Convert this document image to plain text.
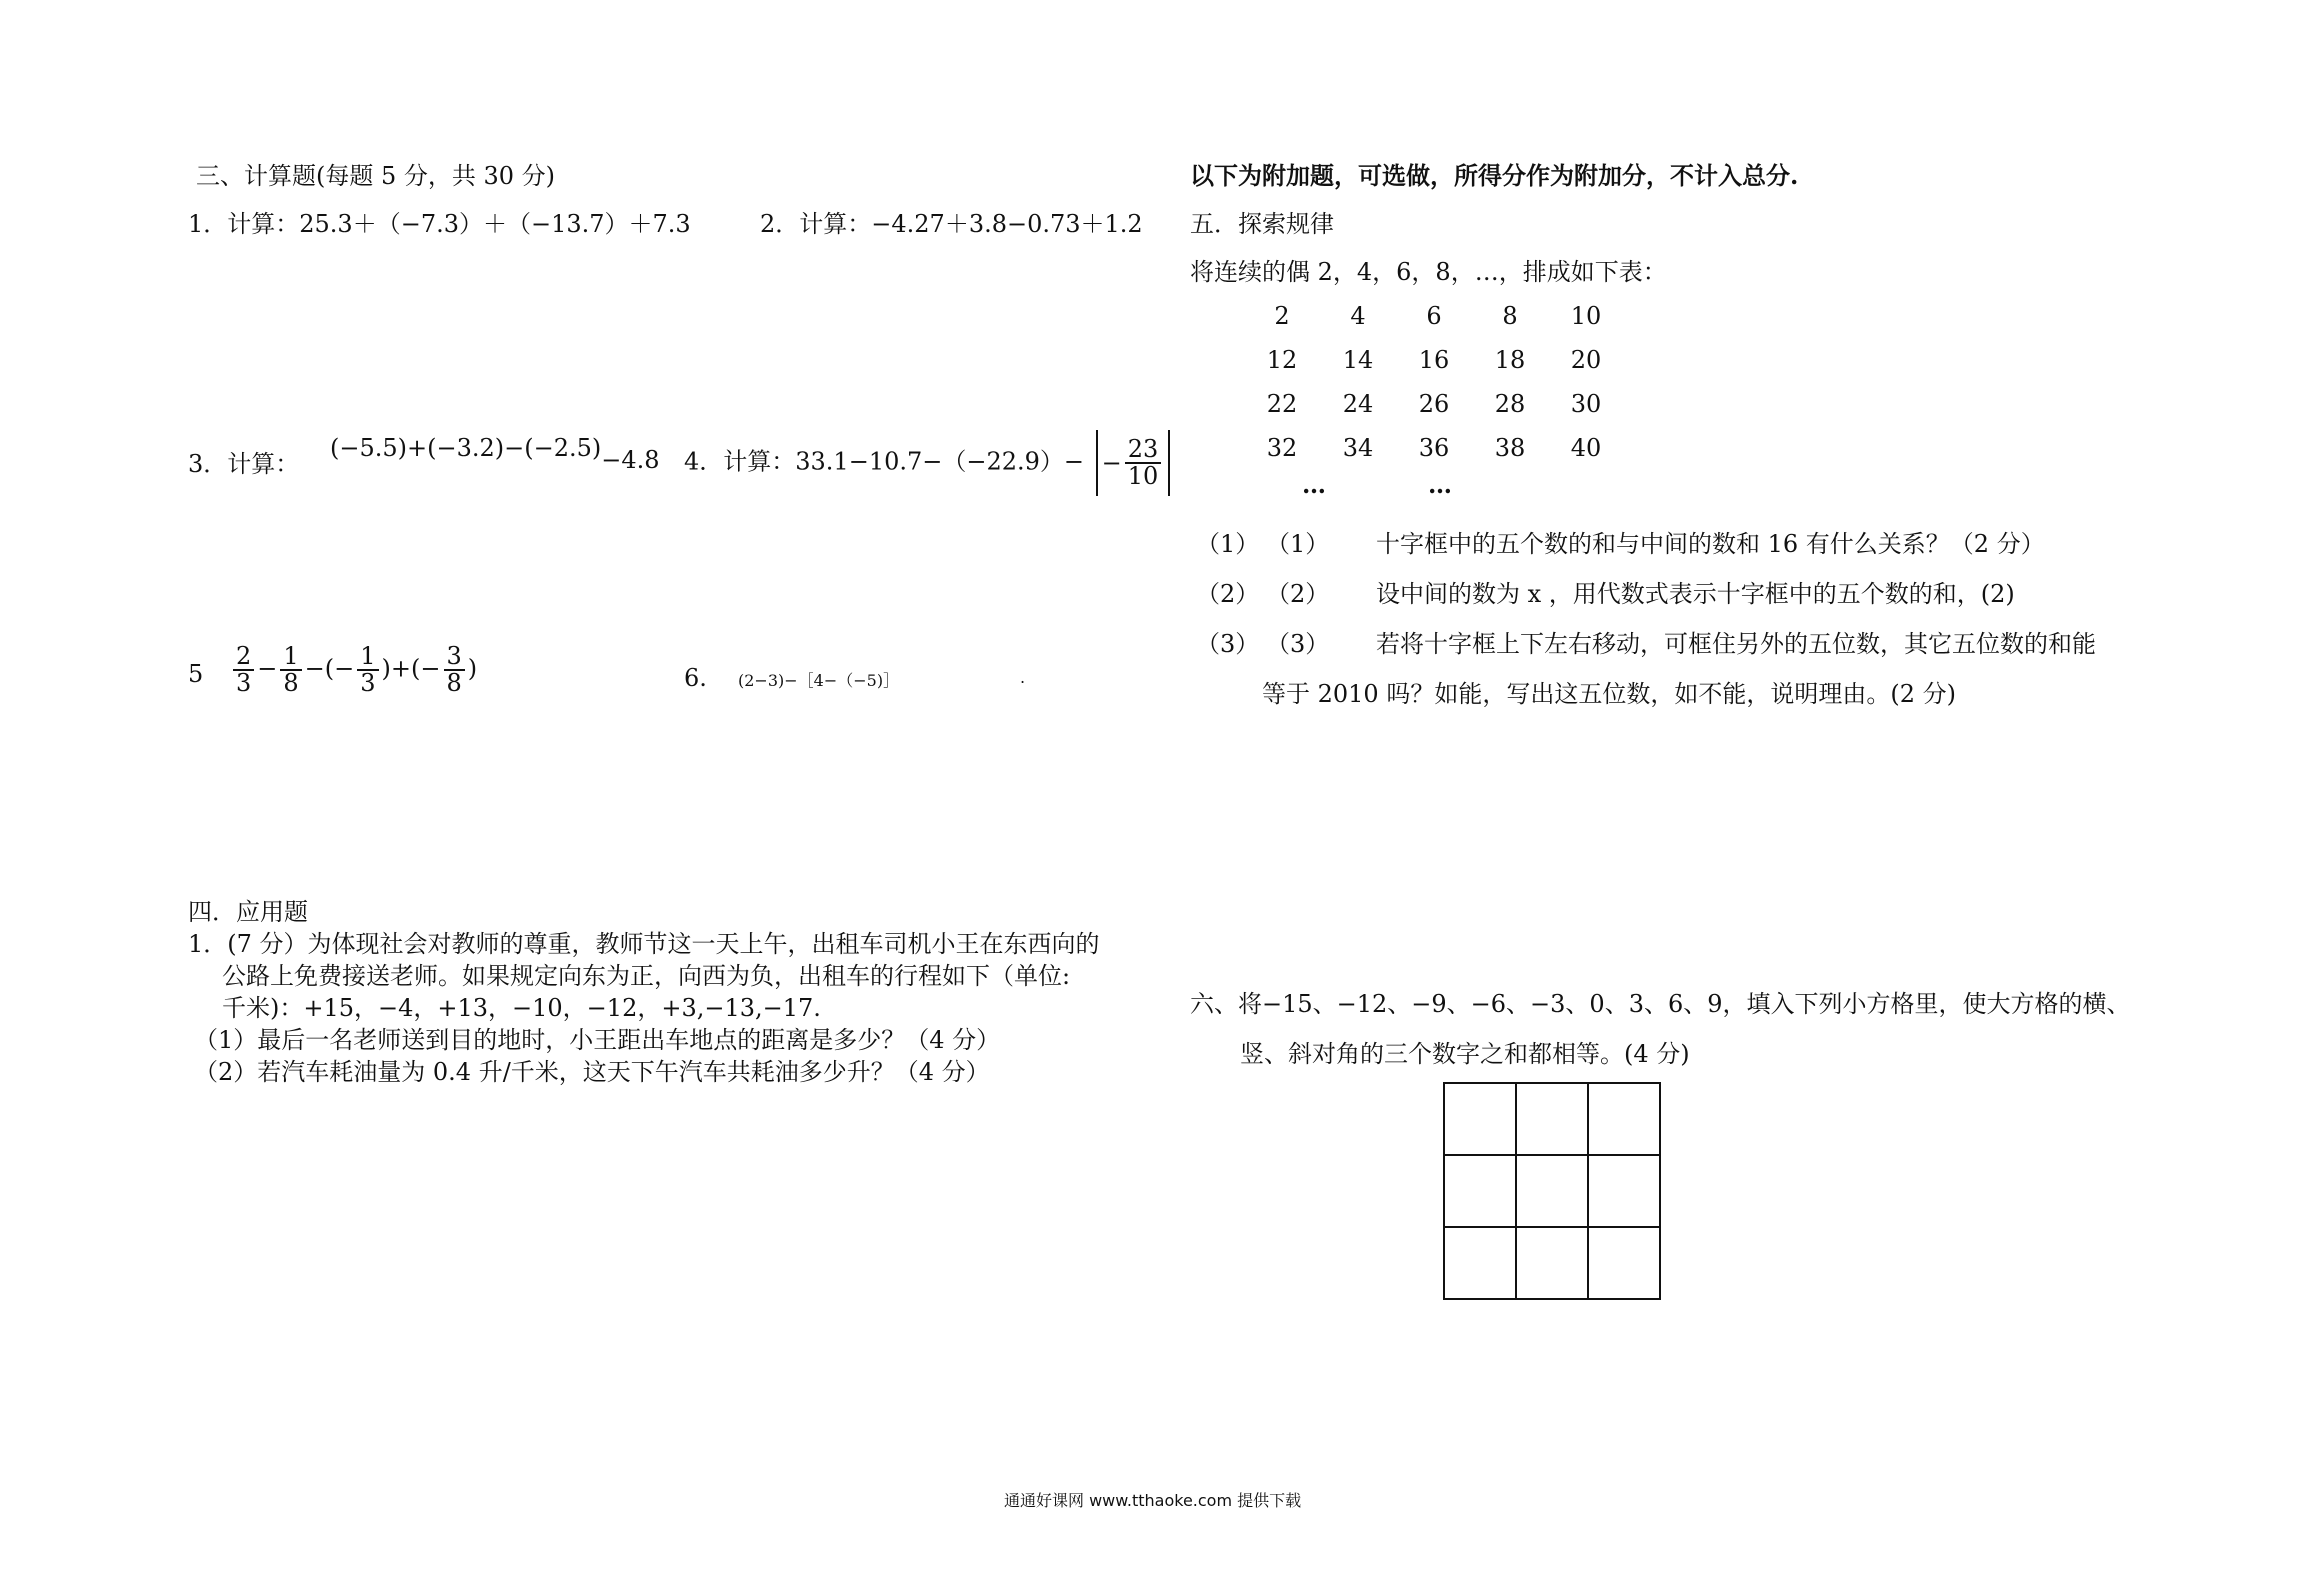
三、计算题(每题 5 分，共 30 分)
1．计算：25.3＋（−7.3）＋（−13.7）＋7.3	2．计算：−4.27＋3.8−0.73＋1.2
3．计算：
(−5.5)+(−3.2)−(−2.5)−4.8 4．计算：$33.1-10.7-(-22.9)- - \frac{23}{10}$
$5 \frac{2}{3} - \frac{1}{8}$ −(− $\frac{1}{3}$ )+(− $\frac{3}{8}$ )	6. (2−3)−［4−（−5)］	.
四．应用题
1．(7 分）为体现社会对教师的尊重，教师节这一天上午，出租车司机小王在东西向的
公路上免费接送老师。如果规定向东为正，向西为负，出租车的行程如下（单位:
千米)：+15，−4，+13，−10，−12，+3,−13,−17.
（1）最后一名老师送到目的地时，小王距出车地点的距离是多少？（4 分）
（2）若汽车耗油量为 0.4 升/千米，这天下午汽车共耗油多少升？（4 分）
以下为附加题，可选做，所得分作为附加分，不计入总分.
五．探索规律
将连续的偶 2，4，6，8，…，排成如下表：
2	4	6	8	10
12	14	16	18	20
22	24	26	28	30
32	34	36	38	40
…	…
（1） （1） 十字框中的五个数的和与中间的数和 16 有什么关系？（2 分）
（2） （2） 设中间的数为 x ，用代数式表示十字框中的五个数的和，(2)
（3） （3） 若将十字框上下左右移动，可框住另外的五位数，其它五位数的和能
等于 2010 吗？如能，写出这五位数，如不能，说明理由。(2 分)
六、将−15、−12、−9、−6、−3、0、3、6、9，填入下列小方格里，使大方格的横、
竖、斜对角的三个数字之和都相等。(4 分)

通通好课网 www.tthaoke.com 提供下载
